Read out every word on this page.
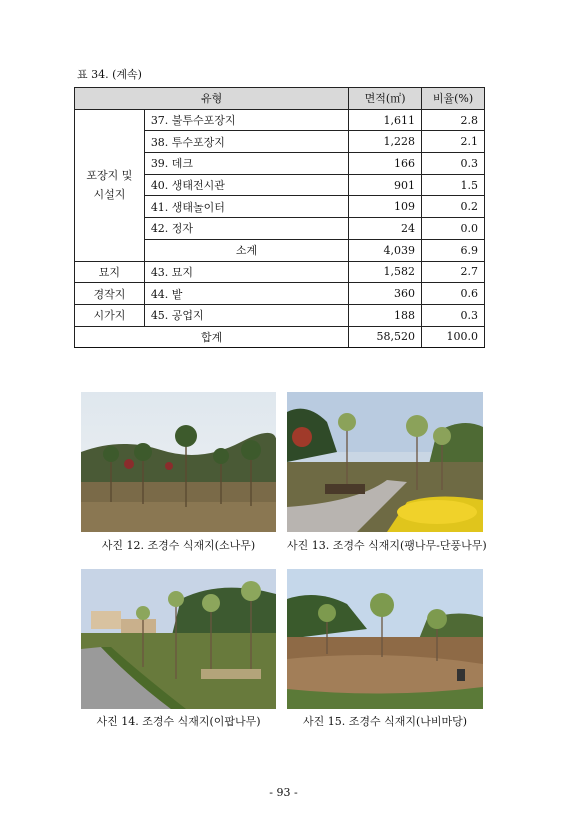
표 34. (계속)
유형		면적(㎡)	비율(%)
포장지 및
시설지	37. 불투수포장지	1,611	2.8
	38. 투수포장지	1,228	2.1
	39. 데크	166	0.3
	40. 생태전시관	901	1.5
	41. 생태놀이터	109	0.2
	42. 정자	24	0.0
	소계	4,039	6.9
묘지	43. 묘지	1,582	2.7
경작지	44. 밭	360	0.6
시가지	45. 공업지	188	0.3
합계		58,520	100.0
사진 12. 조경수 식재지(소나무)	사진 13. 조경수 식재지(팽나무-단풍나무)
사진 14. 조경수 식재지(이팝나무)	사진 15. 조경수 식재지(나비마당)
- 93 -
